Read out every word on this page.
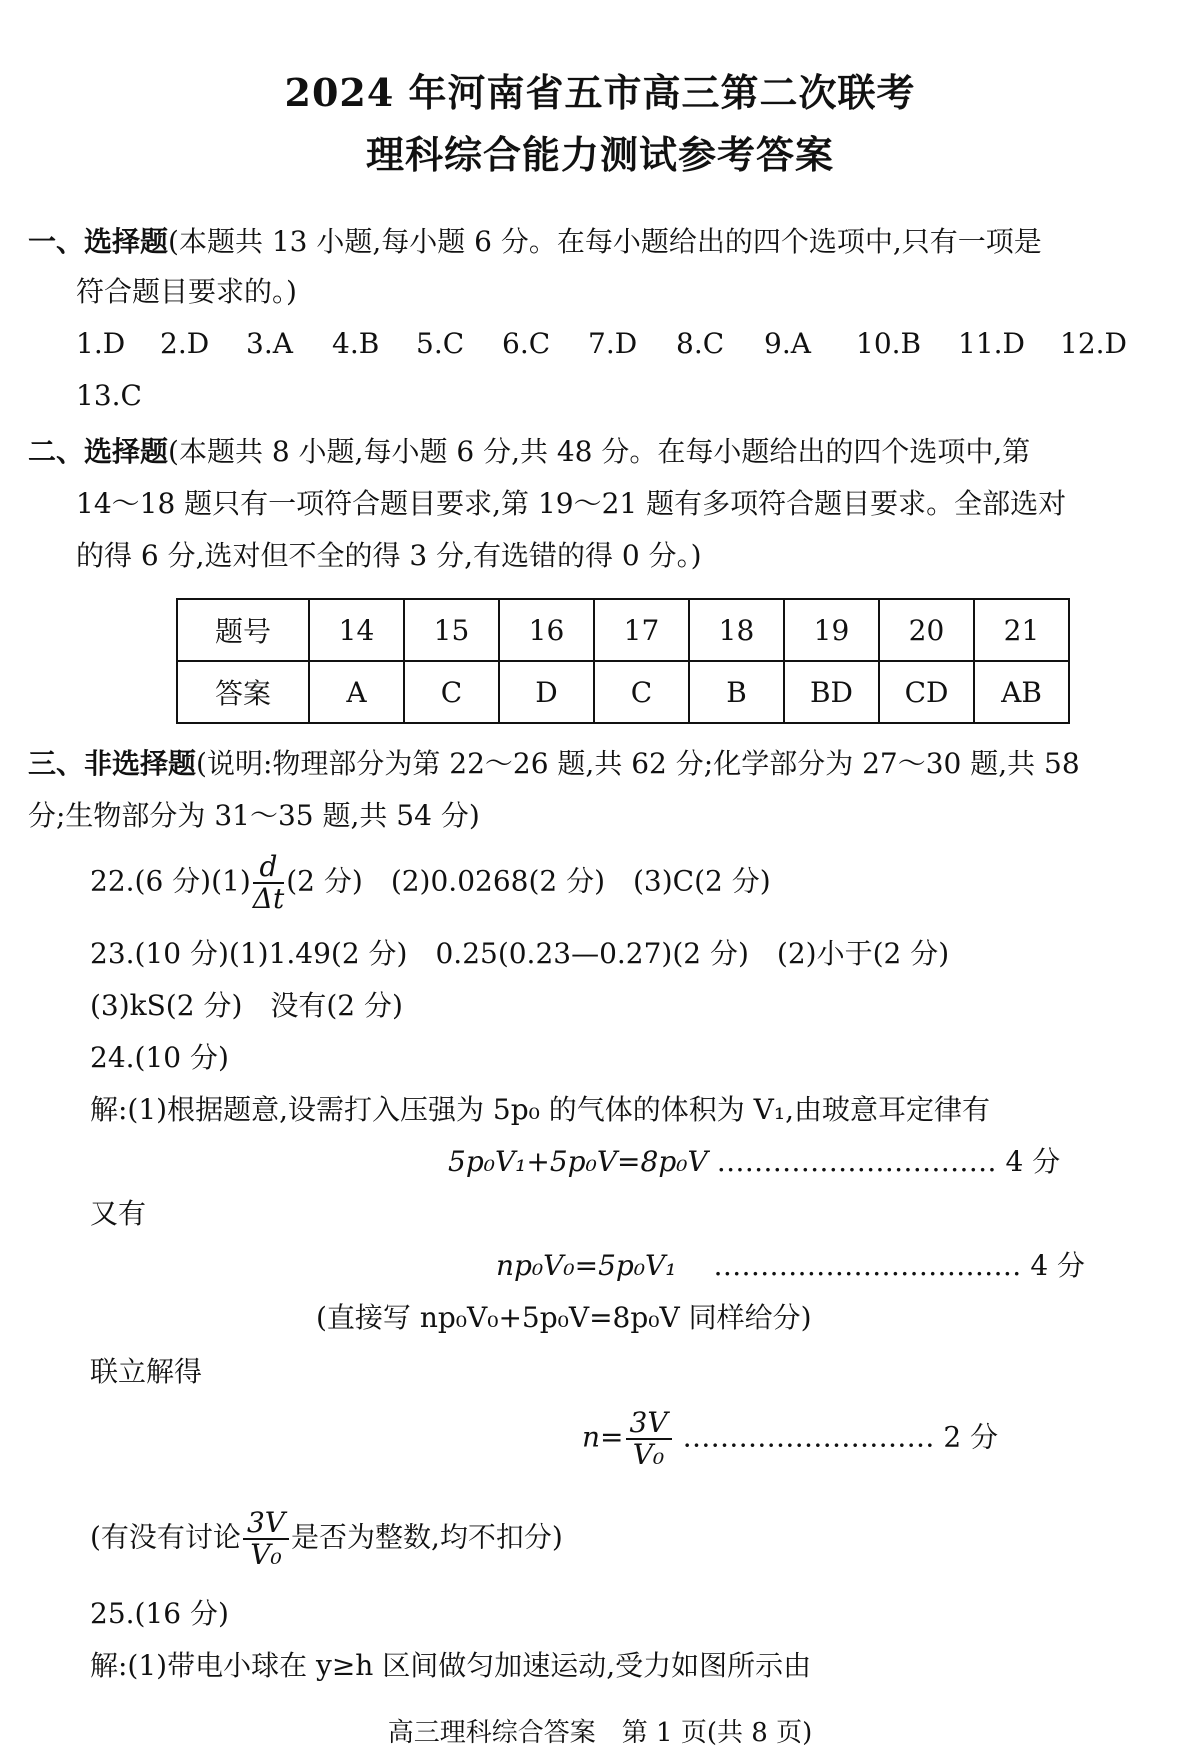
2024 年河南省五市高三第二次联考
理科综合能力测试参考答案
一、选择题(本题共 13 小题,每小题 6 分。在每小题给出的四个选项中,只有一项是
符合题目要求的。)
1.D 2.D 3.A 4.B 5.C 6.C 7.D 8.C 9.A 10.B 11.D 12.D
13.C
二、选择题(本题共 8 小题,每小题 6 分,共 48 分。在每小题给出的四个选项中,第
14～18 题只有一项符合题目要求,第 19～21 题有多项符合题目要求。全部选对
的得 6 分,选对但不全的得 3 分,有选错的得 0 分。)
题号	14	15	16	17	18	19	20	21
答案	A	C	D	C	B	BD	CD	AB
三、非选择题(说明:物理部分为第 22～26 题,共 62 分;化学部分为 27～30 题,共 58
分;生物部分为 31～35 题,共 54 分)
22.(6 分)$(1) \frac{d}{\Delta t} (2$ 分)　(2)0.0268(2 分)　(3)C(2 分)
23.(10 分)(1)1.49(2 分)　0.25(0.23—0.27)(2 分)　(2)小于(2 分)
(3)kS(2 分)　没有(2 分)
24.(10 分)
解:(1)根据题意,设需打入压强为 5p₀ 的气体的体积为 V₁,由玻意耳定律有
5p₀V₁+5p₀V=8p₀V ………………………… 4 分
又有
np₀V₀=5p₀V₁ 　…………………………… 4 分
(直接写 np₀V₀+5p₀V=8p₀V 同样给分)
联立解得
$n= \frac{3V}{\text{V₀}}$ ……………………… 2 分
(有没有讨论 $\frac{3V}{\text{V₀}}$ 是否为整数,均不扣分)
25.(16 分)
解:(1)带电小球在 y≥h 区间做匀加速运动,受力如图所示由
高三理科综合答案　第 1 页(共 8 页)
